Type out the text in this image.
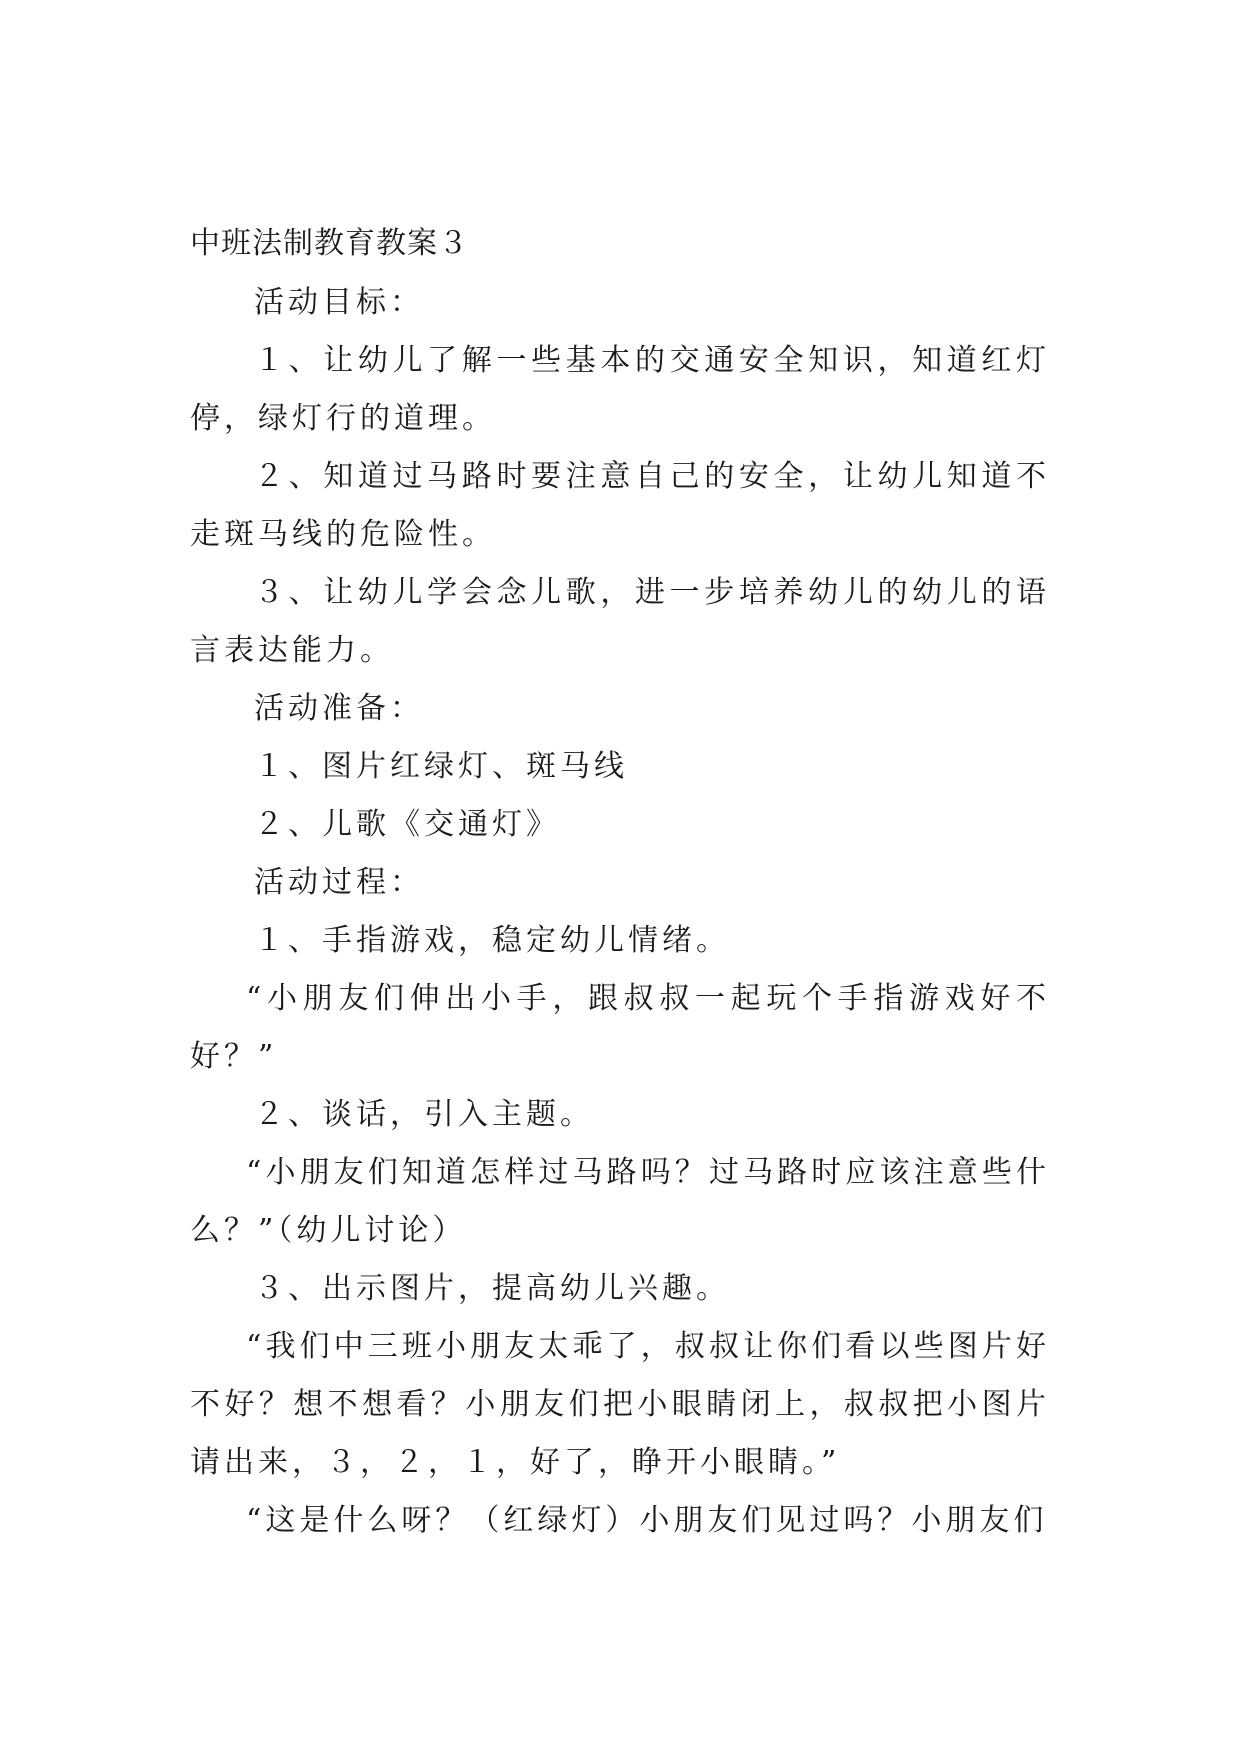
中班法制教育教案３

活动目标：

１、让幼儿了解一些基本的交通安全知识，知道红灯停，绿灯行的道理。

２、知道过马路时要注意自己的安全，让幼儿知道不走斑马线的危险性。

３、让幼儿学会念儿歌，进一步培养幼儿的幼儿的语言表达能力。

活动准备：

１、图片红绿灯、斑马线

２、儿歌《交通灯》

活动过程：

１、手指游戏，稳定幼儿情绪。

“小朋友们伸出小手，跟叔叔一起玩个手指游戏好不好？”

２、谈话，引入主题。

“小朋友们知道怎样过马路吗？过马路时应该注意些什么？”（幼儿讨论）

３、出示图片，提高幼儿兴趣。

“我们中三班小朋友太乖了，叔叔让你们看以些图片好不好？想不想看？小朋友们把小眼睛闭上，叔叔把小图片请出来，３，２，１，好了，睁开小眼睛。”

“这是什么呀？（红绿灯）小朋友们见过吗？小朋友们
